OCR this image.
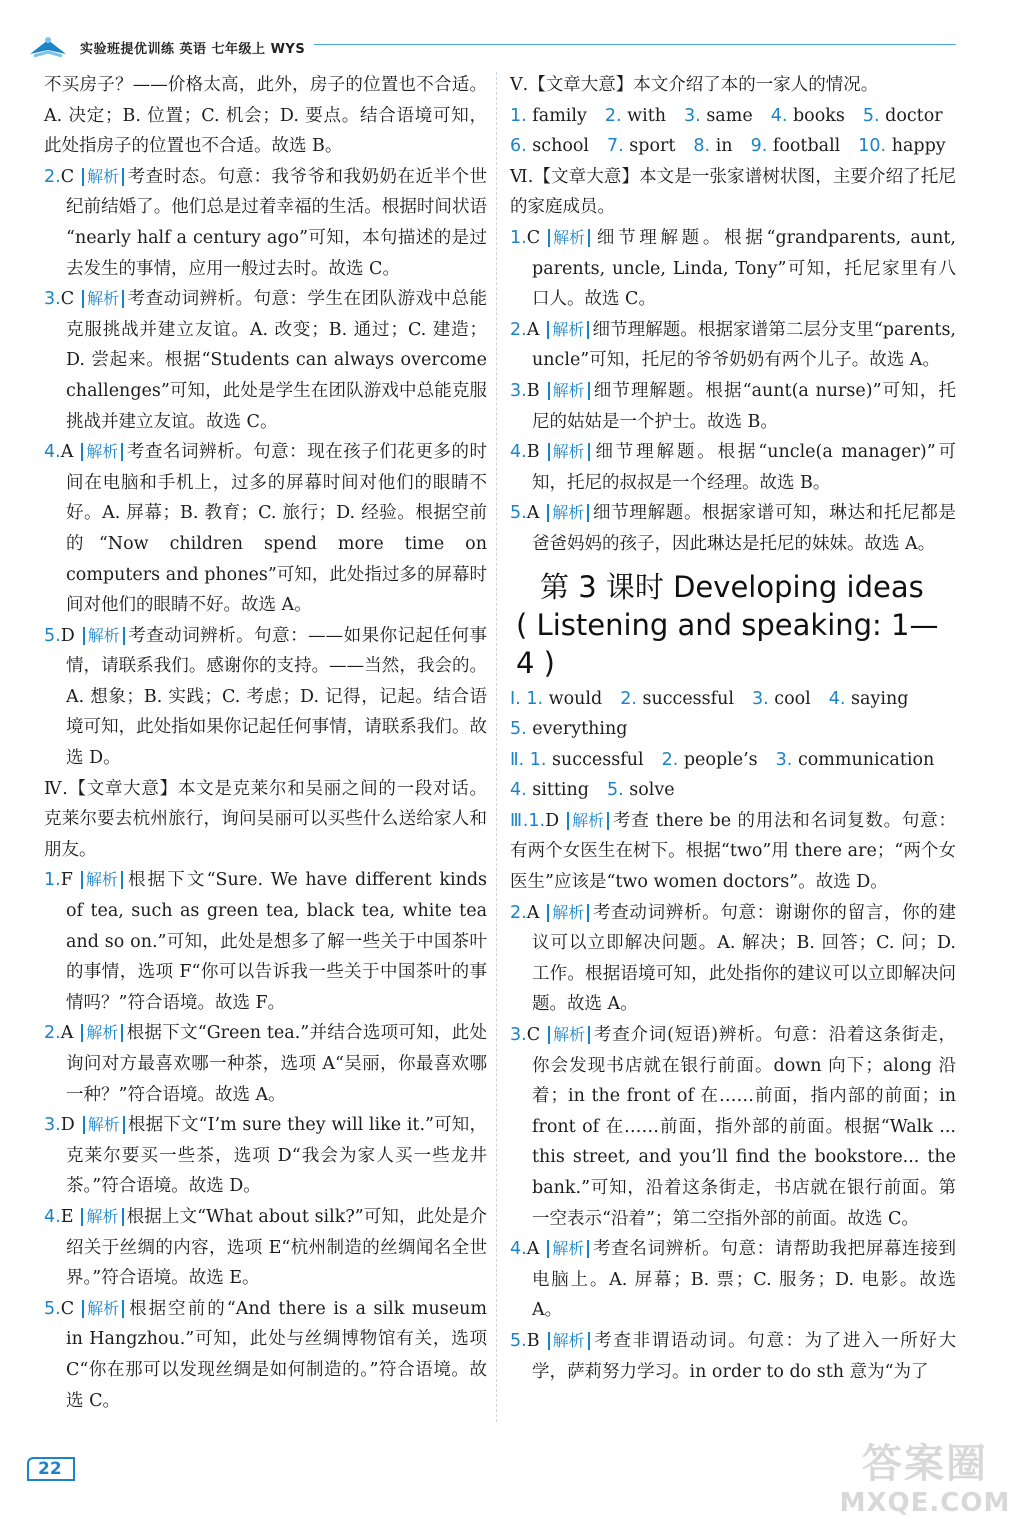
实验班提优训练 英语 七年级上 WYS

不买房子？——价格太高，此外，房子的位置也不合适。A. 决定；B. 位置；C. 机会；D. 要点。结合语境可知，此处指房子的位置也不合适。故选 B。

2.C 解析 考查时态。句意：我爷爷和我奶奶在近半个世纪前结婚了。他们总是过着幸福的生活。根据时间状语 “nearly half a century ago”可知，本句描述的是过去发生的事情，应用一般过去时。故选 C。

3.C 解析 考查动词辨析。句意：学生在团队游戏中总能克服挑战并建立友谊。A. 改变；B. 通过；C. 建造；D. 尝起来。根据“Students can always overcome challenges”可知，此处是学生在团队游戏中总能克服挑战并建立友谊。故选 C。

4.A 解析 考查名词辨析。句意：现在孩子们花更多的时间在电脑和手机上，过多的屏幕时间对他们的眼睛不好。A. 屏幕；B. 教育；C. 旅行；D. 经验。根据空前的“Now children spend more time on computers and phones”可知，此处指过多的屏幕时间对他们的眼睛不好。故选 A。

5.D 解析 考查动词辨析。句意：——如果你记起任何事情，请联系我们。感谢你的支持。——当然，我会的。A. 想象；B. 实践；C. 考虑；D. 记得，记起。结合语境可知，此处指如果你记起任何事情，请联系我们。故选 D。

Ⅳ.【文章大意】本文是克莱尔和吴丽之间的一段对话。克莱尔要去杭州旅行，询问吴丽可以买些什么送给家人和朋友。

1.F 解析 根据下文“Sure. We have different kinds of tea, such as green tea, black tea, white tea and so on.”可知，此处是想多了解一些关于中国茶叶的事情，选项 F“你可以告诉我一些关于中国茶叶的事情吗？”符合语境。故选 F。

2.A 解析 根据下文“Green tea.”并结合选项可知，此处询问对方最喜欢哪一种茶，选项 A“吴丽，你最喜欢哪一种？”符合语境。故选 A。

3.D 解析 根据下文“I’m sure they will like it.”可知，克莱尔要买一些茶，选项 D“我会为家人买一些龙井茶。”符合语境。故选 D。

4.E 解析 根据上文“What about silk?”可知，此处是介绍关于丝绸的内容，选项 E“杭州制造的丝绸闻名全世界。”符合语境。故选 E。

5.C 解析 根据空前的“And there is a silk museum in Hangzhou.”可知，此处与丝绸博物馆有关，选项 C“你在那可以发现丝绸是如何制造的。”符合语境。故选 C。

Ⅴ.【文章大意】本文介绍了本的一家人的情况。

1. family 2. with 3. same 4. books 5. doctor
6. school 7. sport 8. in 9. football 10. happy

Ⅵ.【文章大意】本文是一张家谱树状图，主要介绍了托尼的家庭成员。

1.C 解析 细节理解题。根据“grandparents, aunt, parents, uncle, Linda, Tony”可知，托尼家里有八口人。故选 C。

2.A 解析 细节理解题。根据家谱第二层分支里“parents, uncle”可知，托尼的爷爷奶奶有两个儿子。故选 A。

3.B 解析 细节理解题。根据“aunt(a nurse)”可知，托尼的姑姑是一个护士。故选 B。

4.B 解析 细节理解题。根据“uncle(a manager)”可知，托尼的叔叔是一个经理。故选 B。

5.A 解析 细节理解题。根据家谱可知，琳达和托尼都是爸爸妈妈的孩子，因此琳达是托尼的妹妹。故选 A。

第 3 课时 Developing ideas
( Listening and speaking: 1—4 )
Ⅰ. 1. would 2. successful 3. cool 4. saying
5. everything
Ⅱ. 1. successful 2. people’s 3. communication
4. sitting 5. solve

Ⅲ.1.D 解析 考查 there be 的用法和名词复数。句意：有两个女医生在树下。根据“two”用 there are；“两个女医生”应该是“two women doctors”。故选 D。

2.A 解析 考查动词辨析。句意：谢谢你的留言，你的建议可以立即解决问题。A. 解决；B. 回答；C. 问；D. 工作。根据语境可知，此处指你的建议可以立即解决问题。故选 A。

3.C 解析 考查介词(短语)辨析。句意：沿着这条街走，你会发现书店就在银行前面。down 向下；along 沿着；in the front of 在……前面，指内部的前面；in front of 在……前面，指外部的前面。根据“Walk ... this street, and you’ll find the bookstore... the bank.”可知，沿着这条街走，书店就在银行前面。第一空表示“沿着”；第二空指外部的前面。故选 C。

4.A 解析 考查名词辨析。句意：请帮助我把屏幕连接到电脑上。A. 屏幕；B. 票；C. 服务；D. 电影。故选 A。

5.B 解析 考查非谓语动词。句意：为了进入一所好大学，萨莉努力学习。in order to do sth 意为“为了

22	答案圈
MXQE.COM
